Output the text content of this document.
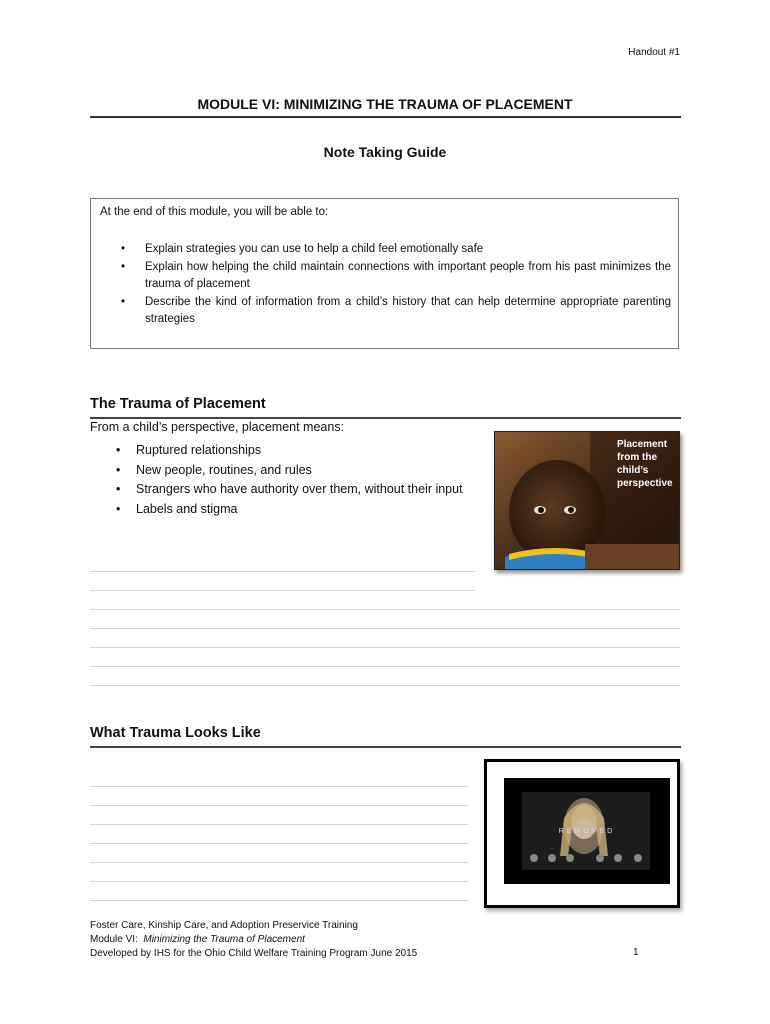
Handout #1
MODULE VI: MINIMIZING THE TRAUMA OF PLACEMENT
Note Taking Guide
At the end of this module, you will be able to:
• Explain strategies you can use to help a child feel emotionally safe
• Explain how helping the child maintain connections with important people from his past minimizes the trauma of placement
• Describe the kind of information from a child’s history that can help determine appropriate parenting strategies
The Trauma of Placement
From a child’s perspective, placement means:
• Ruptured relationships
• New people, routines, and rules
• Strangers who have authority over them, without their input
• Labels and stigma
Placement from the child’s perspective
What Trauma Looks Like
REMOVED
Foster Care, Kinship Care, and Adoption Preservice Training
Module VI: Minimizing the Trauma of Placement
Developed by IHS for the Ohio Child Welfare Training Program June 2015	1
